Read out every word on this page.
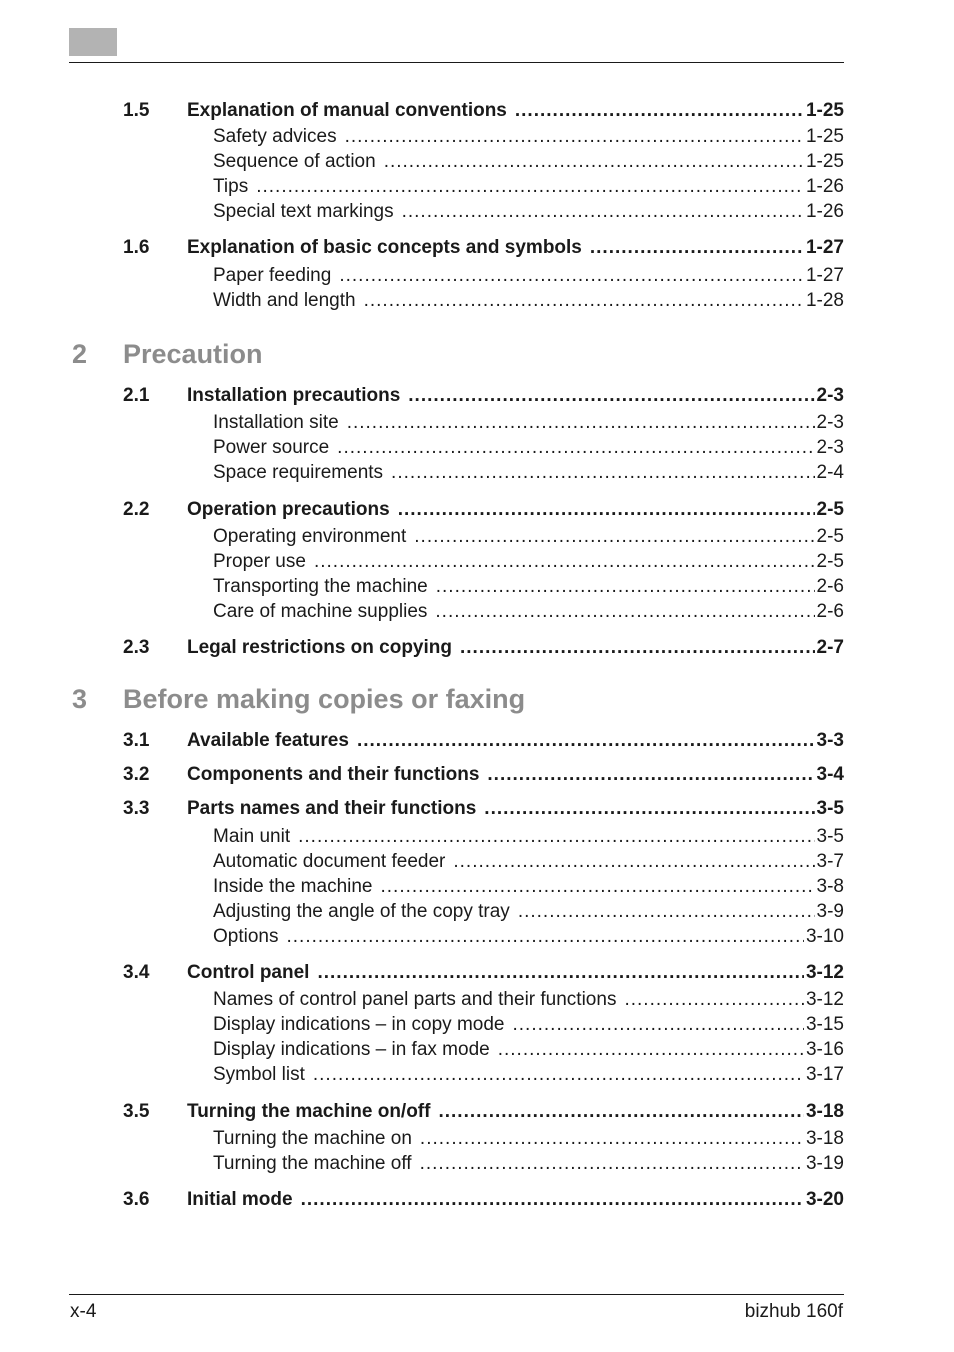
1.5	Explanation of manual conventions .....	1-25
Safety advices .....	1-25
Sequence of action .....	1-25
Tips .....	1-26
Special text markings .....	1-26
1.6	Explanation of basic concepts and symbols .....	1-27
Paper feeding .....	1-27
Width and length .....	1-28
2	Precaution
2.1	Installation precautions .....	2-3
Installation site .....	2-3
Power source .....	2-3
Space requirements .....	2-4
2.2	Operation precautions .....	2-5
Operating environment .....	2-5
Proper use .....	2-5
Transporting the machine .....	2-6
Care of machine supplies .....	2-6
2.3	Legal restrictions on copying .....	2-7
3	Before making copies or faxing
3.1	Available features .....	3-3
3.2	Components and their functions .....	3-4
3.3	Parts names and their functions .....	3-5
Main unit .....	3-5
Automatic document feeder .....	3-7
Inside the machine .....	3-8
Adjusting the angle of the copy tray .....	3-9
Options .....	3-10
3.4	Control panel .....	3-12
Names of control panel parts and their functions .....	3-12
Display indications – in copy mode .....	3-15
Display indications – in fax mode .....	3-16
Symbol list .....	3-17
3.5	Turning the machine on/off .....	3-18
Turning the machine on .....	3-18
Turning the machine off .....	3-19
3.6	Initial mode .....	3-20
x-4	bizhub 160f
